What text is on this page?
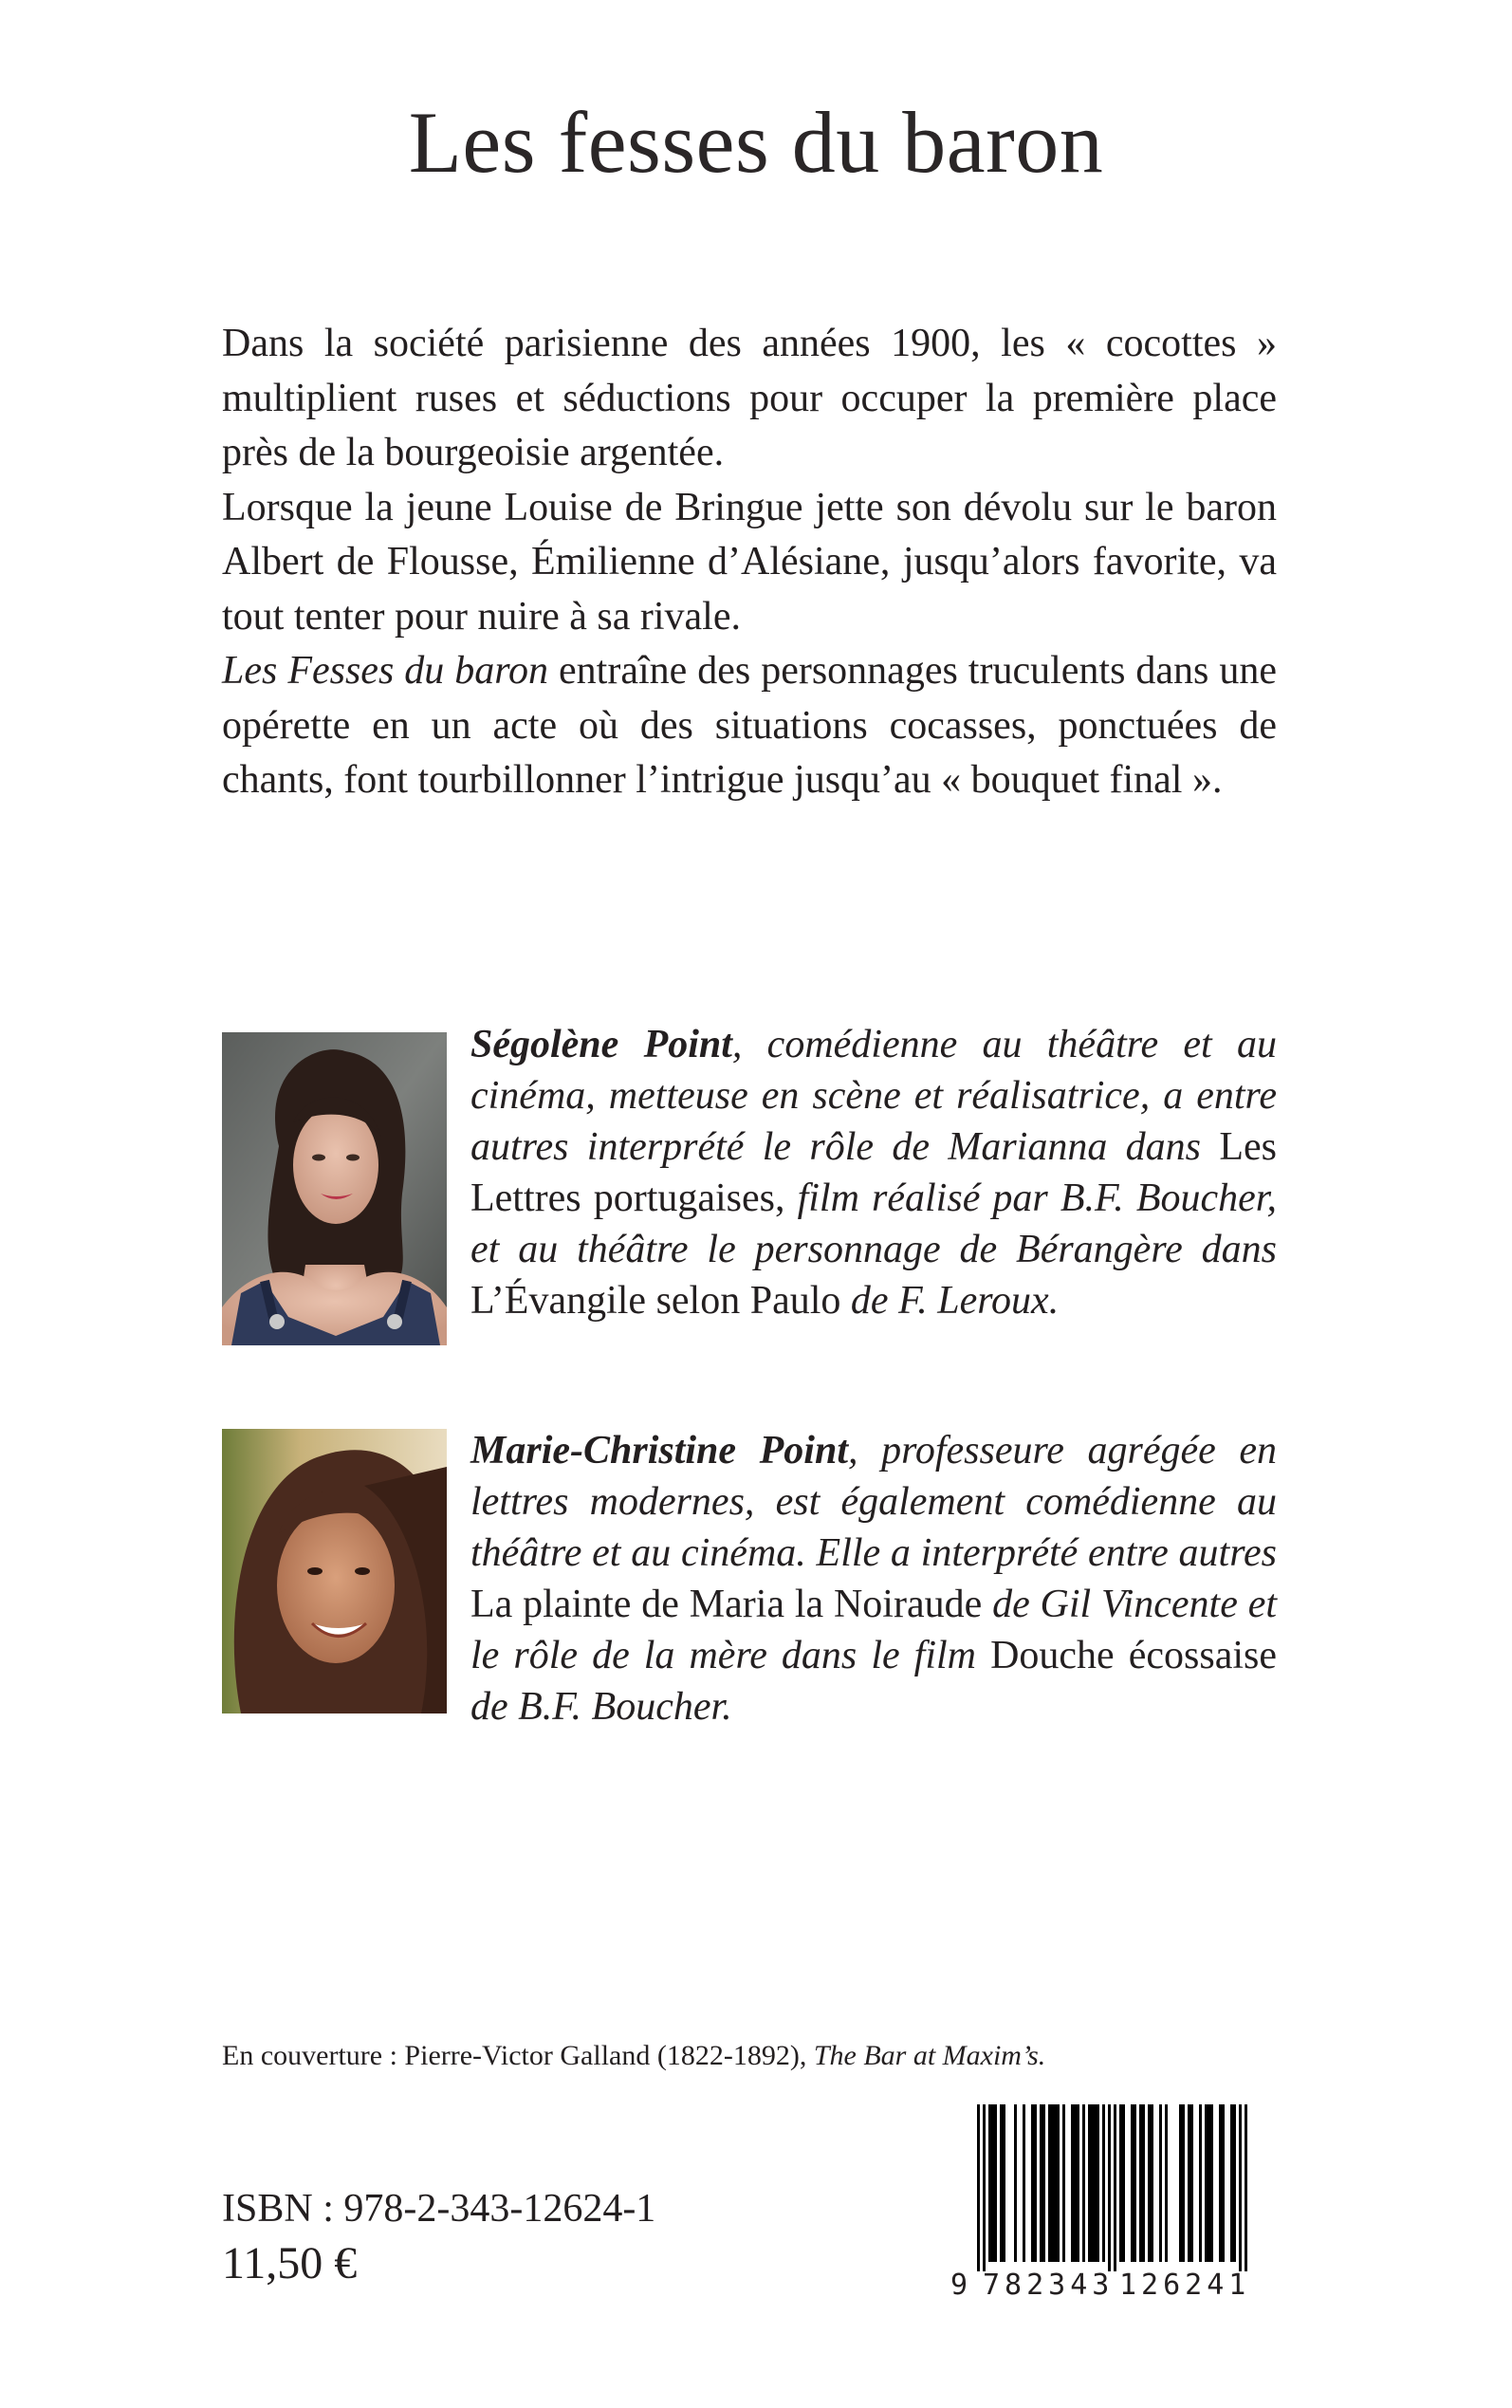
Les fesses du baron

Dans la société parisienne des années 1900, les « cocottes » multiplient ruses et séductions pour occuper la première place près de la bourgeoisie argentée.

Lorsque la jeune Louise de Bringue jette son dévolu sur le baron Albert de Flousse, Émilienne d’Alésiane, jusqu’alors favorite, va tout tenter pour nuire à sa rivale.

Les Fesses du baron entraîne des personnages truculents dans une opérette en un acte où des situations cocasses, ponctuées de chants, font tourbillonner l’intrigue jusqu’au « bouquet final ».

Ségolène Point, comédienne au théâtre et au cinéma, metteuse en scène et réalisatrice, a entre autres interprété le rôle de Marianna dans Les Lettres portugaises, film réalisé par B.F. Boucher, et au théâtre le personnage de Bérangère dans L’Évangile selon Paulo de F. Leroux.

Marie-Christine Point, professeure agrégée en lettres modernes, est également comédienne au théâtre et au cinéma. Elle a interprété entre autres La plainte de Maria la Noiraude de Gil Vincente et le rôle de la mère dans le film Douche écossaise de B.F. Boucher.

En couverture : Pierre-Victor Galland (1822-1892), The Bar at Maxim’s.

ISBN : 978-2-343-12624-1

11,50 €	9 782343 126241
